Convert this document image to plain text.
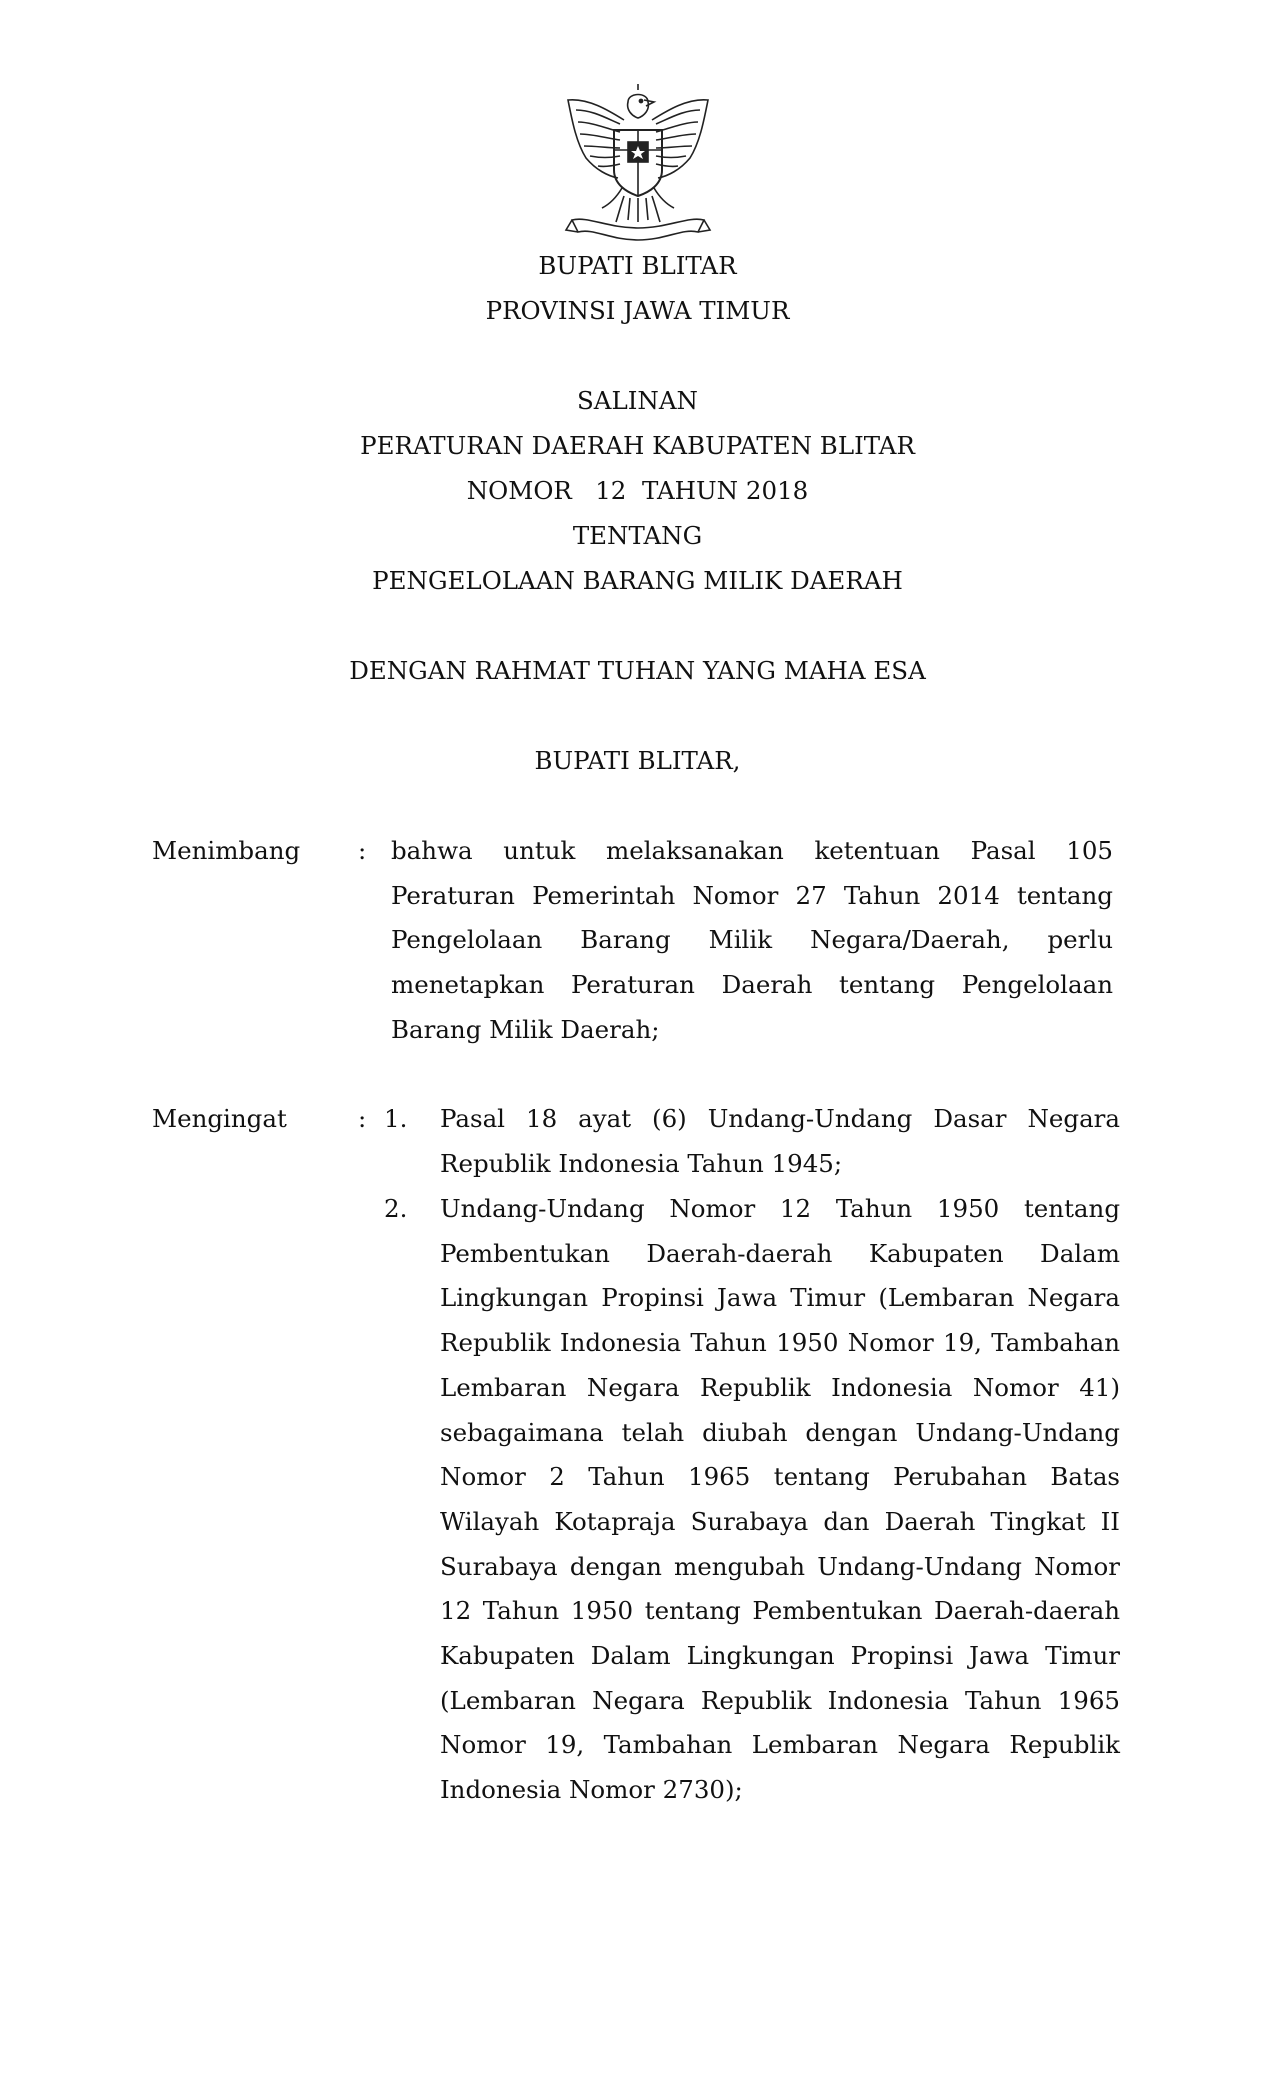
BUPATI BLITAR
PROVINSI JAWA TIMUR
SALINAN
PERATURAN DAERAH KABUPATEN BLITAR
NOMOR   12  TAHUN 2018
TENTANG
PENGELOLAAN BARANG MILIK DAERAH
DENGAN RAHMAT TUHAN YANG MAHA ESA
BUPATI BLITAR,
Menimbang : bahwa untuk melaksanakan ketentuan Pasal 105 Peraturan Pemerintah Nomor 27 Tahun 2014 tentang Pengelolaan Barang Milik Negara/Daerah, perlu menetapkan Peraturan Daerah tentang Pengelolaan Barang Milik Daerah;

Mengingat	: 1. Pasal 18 ayat (6) Undang-Undang Dasar Negara Republik Indonesia Tahun 1945;

2. Undang-Undang Nomor 12 Tahun 1950 tentang Pembentukan Daerah-daerah Kabupaten Dalam Lingkungan Propinsi Jawa Timur (Lembaran Negara Republik Indonesia Tahun 1950 Nomor 19, Tambahan Lembaran Negara Republik Indonesia Nomor 41) sebagaimana telah diubah dengan Undang-Undang Nomor 2 Tahun 1965 tentang Perubahan Batas Wilayah Kotapraja Surabaya dan Daerah Tingkat II Surabaya dengan mengubah Undang-Undang Nomor 12 Tahun 1950 tentang Pembentukan Daerah-daerah Kabupaten Dalam Lingkungan Propinsi Jawa Timur (Lembaran Negara Republik Indonesia Tahun 1965 Nomor 19, Tambahan Lembaran Negara Republik Indonesia Nomor 2730);
